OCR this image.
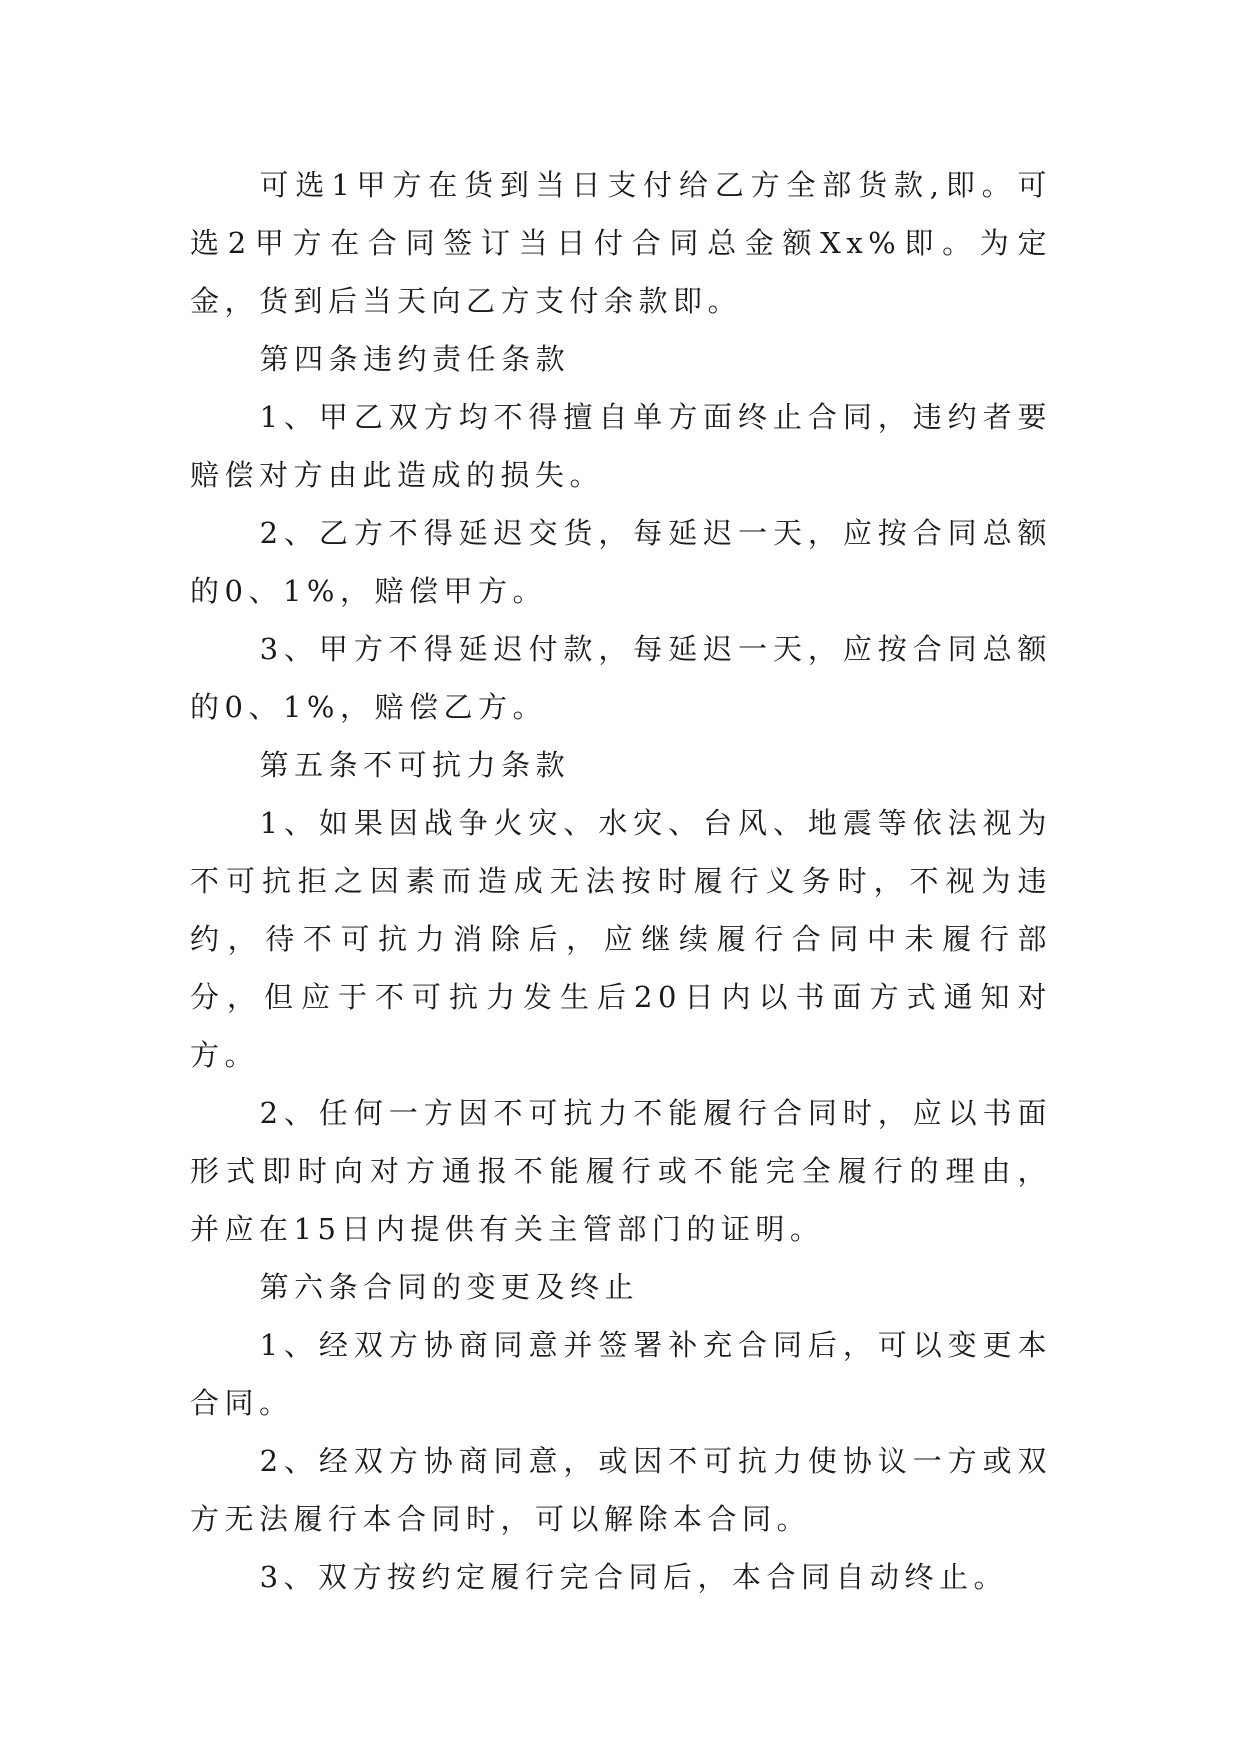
可选1甲方在货到当日支付给乙方全部货款,即。可选2甲方在合同签订当日付合同总金额Xx%即。为定金，货到后当天向乙方支付余款即。

第四条违约责任条款

1、甲乙双方均不得擅自单方面终止合同，违约者要赔偿对方由此造成的损失。

2、乙方不得延迟交货，每延迟一天，应按合同总额的0、1%，赔偿甲方。

3、甲方不得延迟付款，每延迟一天，应按合同总额的0、1%，赔偿乙方。

第五条不可抗力条款

1、如果因战争火灾、水灾、台风、地震等依法视为不可抗拒之因素而造成无法按时履行义务时，不视为违约，待不可抗力消除后，应继续履行合同中未履行部分，但应于不可抗力发生后20日内以书面方式通知对方。

2、任何一方因不可抗力不能履行合同时，应以书面形式即时向对方通报不能履行或不能完全履行的理由，并应在15日内提供有关主管部门的证明。

第六条合同的变更及终止

1、经双方协商同意并签署补充合同后，可以变更本合同。

2、经双方协商同意，或因不可抗力使协议一方或双方无法履行本合同时，可以解除本合同。

3、双方按约定履行完合同后，本合同自动终止。
